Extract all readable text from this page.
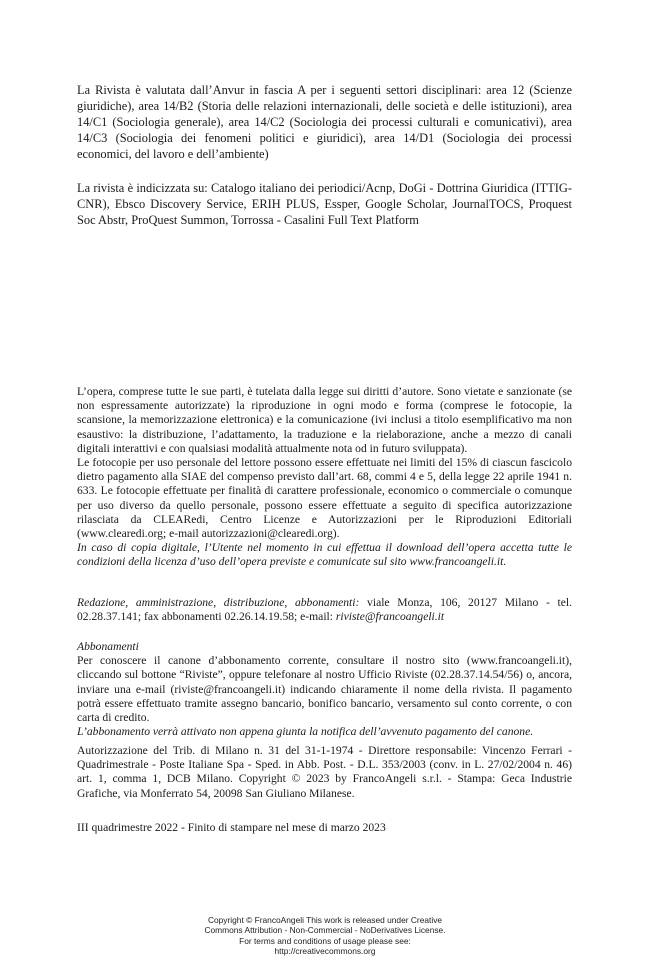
La Rivista è valutata dall’Anvur in fascia A per i seguenti settori disciplinari: area 12 (Scienze giuridiche), area 14/B2 (Storia delle relazioni internazionali, delle società e delle istituzioni), area 14/C1 (Sociologia generale), area 14/C2 (Sociologia dei processi culturali e comunicativi), area 14/C3 (Sociologia dei fenomeni politici e giuridici), area 14/D1 (Sociologia dei processi economici, del lavoro e dell’ambiente)

La rivista è indicizzata su: Catalogo italiano dei periodici/Acnp, DoGi - Dottrina Giuridica (ITTIG-CNR), Ebsco Discovery Service, ERIH PLUS, Essper, Google Scholar, JournalTOCS, Proquest Soc Abstr, ProQuest Summon, Torrossa - Casalini Full Text Platform

L’opera, comprese tutte le sue parti, è tutelata dalla legge sui diritti d’autore. Sono vietate e sanzionate (se non espressamente autorizzate) la riproduzione in ogni modo e forma (comprese le fotocopie, la scansione, la memorizzazione elettronica) e la comunicazione (ivi inclusi a titolo esemplificativo ma non esaustivo: la distribuzione, l’adattamento, la traduzione e la rielaborazione, anche a mezzo di canali digitali interattivi e con qualsiasi modalità attualmente nota od in futuro sviluppata).

Le fotocopie per uso personale del lettore possono essere effettuate nei limiti del 15% di ciascun fascicolo dietro pagamento alla SIAE del compenso previsto dall’art. 68, commi 4 e 5, della legge 22 aprile 1941 n. 633. Le fotocopie effettuate per finalità di carattere professionale, economico o commerciale o comunque per uso diverso da quello personale, possono essere effettuate a seguito di specifica autorizzazione rilasciata da CLEARedi, Centro Licenze e Autorizzazioni per le Riproduzioni Editoriali (www.clearedi.org; e-mail autorizzazioni@clearedi.org).

In caso di copia digitale, l’Utente nel momento in cui effettua il download dell’opera accetta tutte le condizioni della licenza d’uso dell’opera previste e comunicate sul sito www.francoangeli.it.

Redazione, amministrazione, distribuzione, abbonamenti: viale Monza, 106, 20127 Milano - tel. 02.28.37.141; fax abbonamenti 02.26.14.19.58; e-mail: riviste@francoangeli.it

Abbonamenti

Per conoscere il canone d’abbonamento corrente, consultare il nostro sito (www.francoangeli.it), cliccando sul bottone “Riviste”, oppure telefonare al nostro Ufficio Riviste (02.28.37.14.54/56) o, ancora, inviare una e-mail (riviste@francoangeli.it) indicando chiaramente il nome della rivista. Il pagamento potrà essere effettuato tramite assegno bancario, bonifico bancario, versamento sul conto corrente, o con carta di credito.

L’abbonamento verrà attivato non appena giunta la notifica dell’avvenuto pagamento del canone.

Autorizzazione del Trib. di Milano n. 31 del 31-1-1974 - Direttore responsabile: Vincenzo Ferrari - Quadrimestrale - Poste Italiane Spa - Sped. in Abb. Post. - D.L. 353/2003 (conv. in L. 27/02/2004 n. 46) art. 1, comma 1, DCB Milano. Copyright © 2023 by FrancoAngeli s.r.l. - Stampa: Geca Industrie Grafiche, via Monferrato 54, 20098 San Giuliano Milanese.

III quadrimestre 2022 - Finito di stampare nel mese di marzo 2023

Copyright © FrancoAngeli This work is released under Creative
Commons Attribution - Non-Commercial - NoDerivatives License.
For terms and conditions of usage please see:
http://creativecommons.org
